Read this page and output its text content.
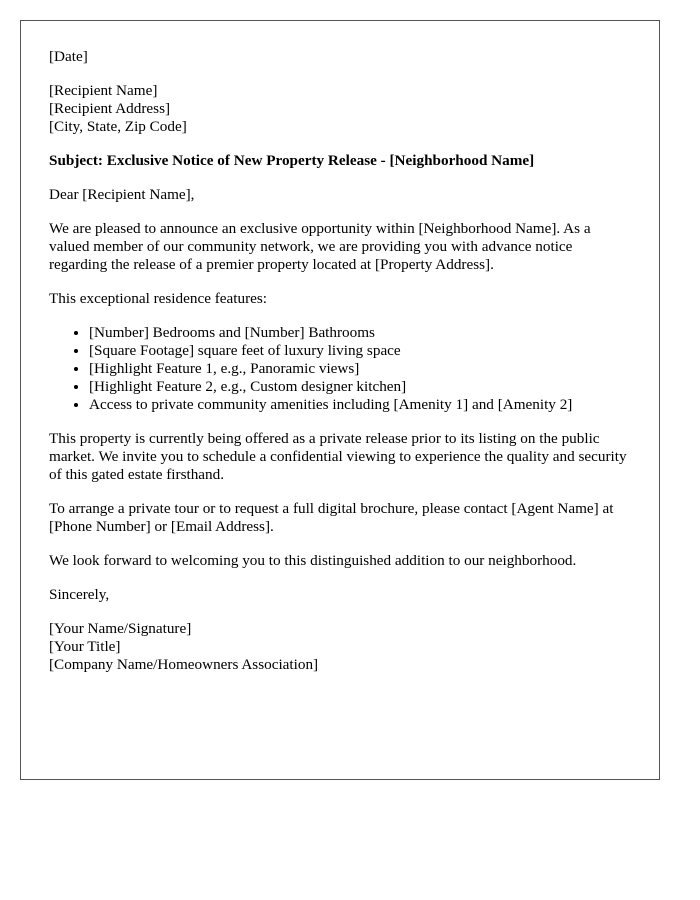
[Date]
[Recipient Name]
[Recipient Address]
[City, State, Zip Code]

Subject: Exclusive Notice of New Property Release - [Neighborhood Name]

Dear [Recipient Name],

We are pleased to announce an exclusive opportunity within [Neighborhood Name]. As a valued member of our community network, we are providing you with advance notice regarding the release of a premier property located at [Property Address].

This exceptional residence features:

• [Number] Bedrooms and [Number] Bathrooms
• [Square Footage] square feet of luxury living space
• [Highlight Feature 1, e.g., Panoramic views]
• [Highlight Feature 2, e.g., Custom designer kitchen]
• Access to private community amenities including [Amenity 1] and [Amenity 2]

This property is currently being offered as a private release prior to its listing on the public market. We invite you to schedule a confidential viewing to experience the quality and security of this gated estate firsthand.

To arrange a private tour or to request a full digital brochure, please contact [Agent Name] at [Phone Number] or [Email Address].

We look forward to welcoming you to this distinguished addition to our neighborhood.

Sincerely,

[Your Name/Signature]
[Your Title]
[Company Name/Homeowners Association]
